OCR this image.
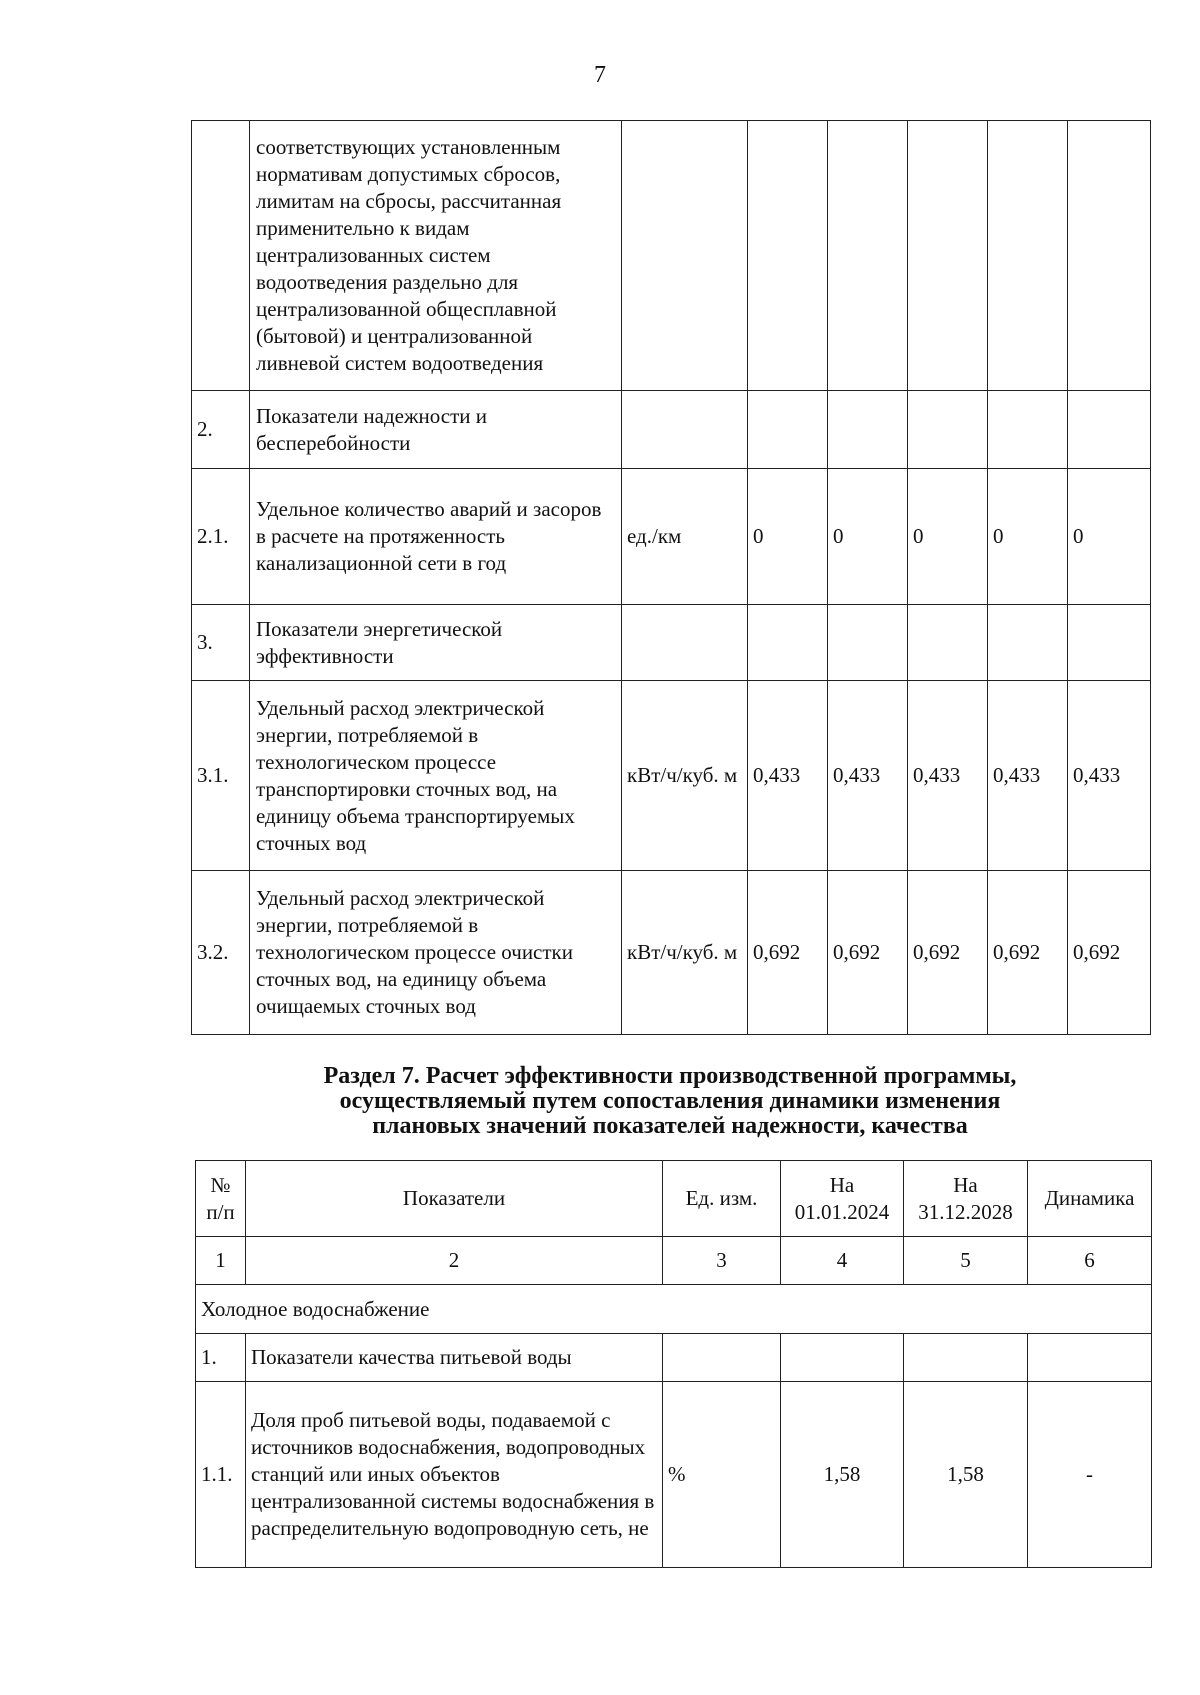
7
	соответствующих установленным нормативам допустимых сбросов, лимитам на сбросы, рассчитанная применительно к видам централизованных систем водоотведения раздельно для централизованной общесплавной (бытовой) и централизованной ливневой систем водоотведения						
2.	Показатели надежности и бесперебойности						
2.1.	Удельное количество аварий и засоров в расчете на протяженность канализационной сети в год	ед./км	0	0	0	0	0
3.	Показатели энергетической эффективности						
3.1.	Удельный расход электрической энергии, потребляемой в технологическом процессе транспортировки сточных вод, на единицу объема транспортируемых сточных вод	кВт/ч/куб. м	0,433	0,433	0,433	0,433	0,433
3.2.	Удельный расход электрической энергии, потребляемой в технологическом процессе очистки сточных вод, на единицу объема очищаемых сточных вод	кВт/ч/куб. м	0,692	0,692	0,692	0,692	0,692
Раздел 7. Расчет эффективности производственной программы,
осуществляемый путем сопоставления динамики изменения
плановых значений показателей надежности, качества
№ п/п	Показатели	Ед. изм.	На 01.01.2024	На 31.12.2028	Динамика
1	2	3	4	5	6
Холодное водоснабжение					
1.	Показатели качества питьевой воды				
1.1.	Доля проб питьевой воды, подаваемой с источников водоснабжения, водопроводных станций или иных объектов централизованной системы водоснабжения в распределительную водопроводную сеть, не	%	1,58	1,58	-
